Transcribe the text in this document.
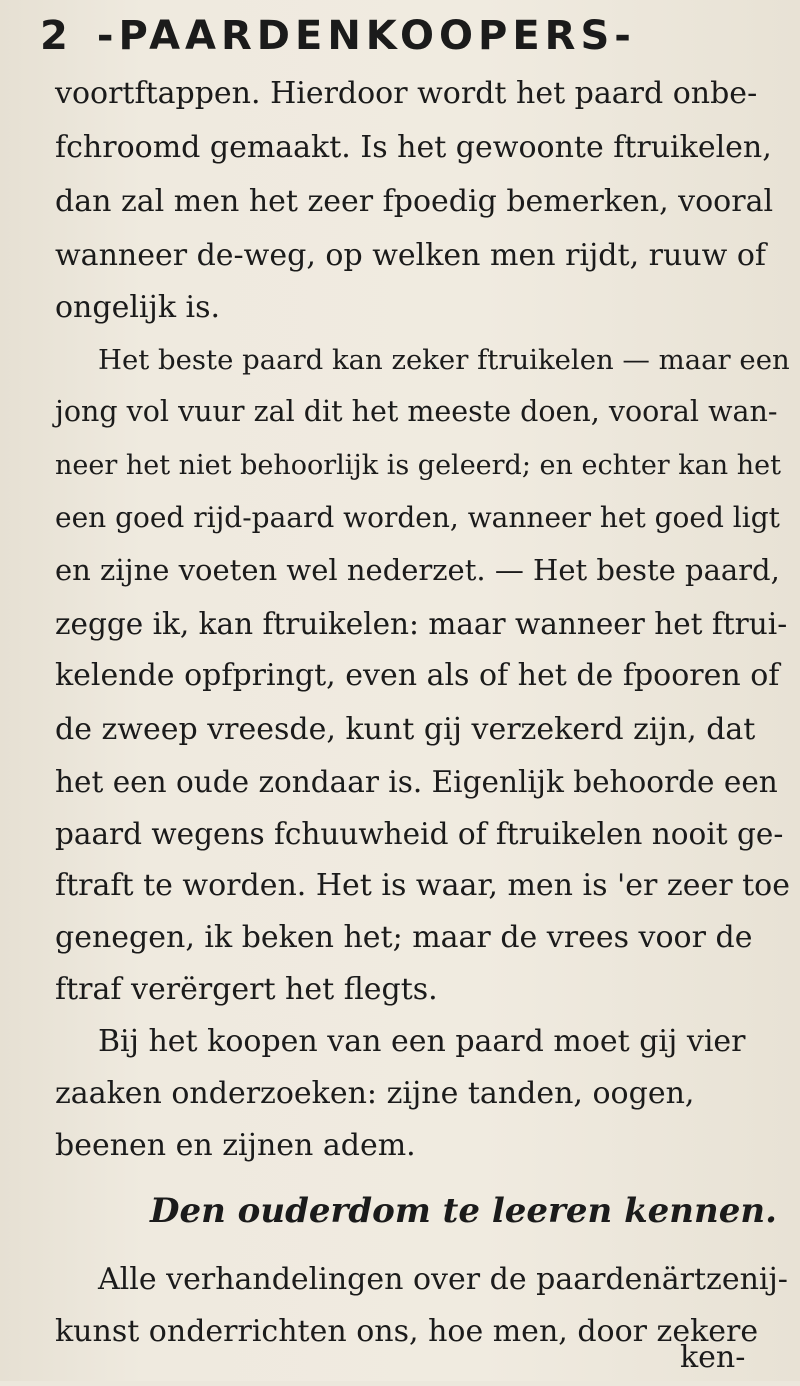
2 -PAARDENKOOPERS-
voortftappen. Hierdoor wordt het paard onbe-
fchroomd gemaakt. Is het gewoonte ftruikelen,
dan zal men het zeer fpoedig bemerken, vooral
wanneer de-weg, op welken men rijdt, ruuw of
ongelijk is.
Het beste paard kan zeker ftruikelen — maar een
jong vol vuur zal dit het meeste doen, vooral wan-
neer het niet behoorlijk is geleerd; en echter kan het
een goed rijd-paard worden, wanneer het goed ligt
en zijne voeten wel nederzet. — Het beste paard,
zegge ik, kan ftruikelen: maar wanneer het ftrui-
kelende opfpringt, even als of het de fpooren of
de zweep vreesde, kunt gij verzekerd zijn, dat
het een oude zondaar is. Eigenlijk behoorde een
paard wegens fchuuwheid of ftruikelen nooit ge-
ftraft te worden. Het is waar, men is 'er zeer toe
genegen, ik beken het; maar de vrees voor de
ftraf verërgert het flegts.
Bij het koopen van een paard moet gij vier
zaaken onderzoeken: zijne tanden, oogen,
beenen en zijnen adem.
Den ouderdom te leeren kennen.
Alle verhandelingen over de paardenärtzenij-
kunst onderrichten ons, hoe men, door zekere
ken-
